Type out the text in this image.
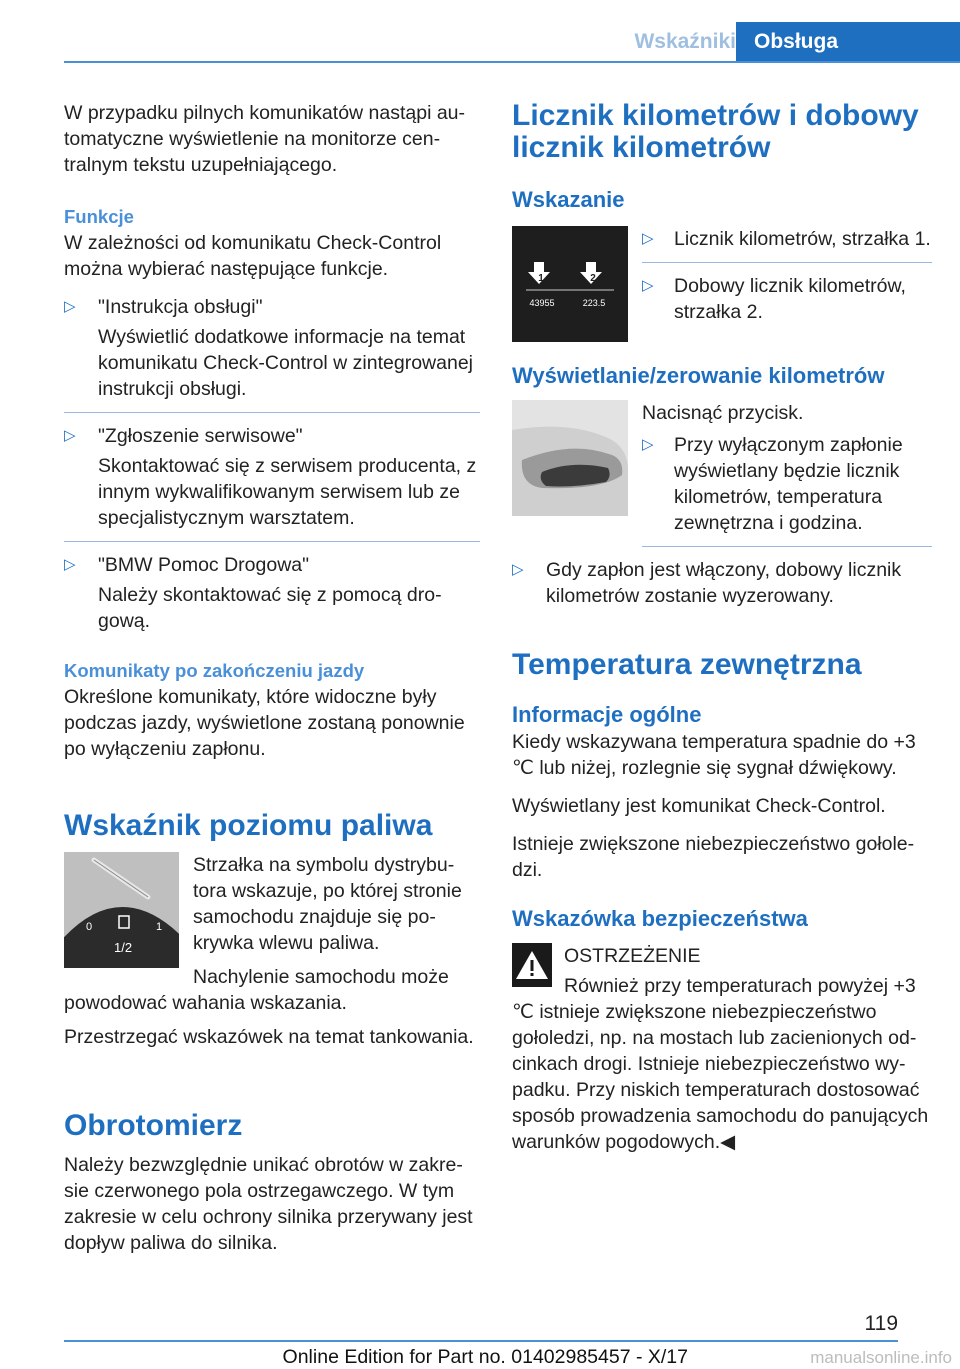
Wskaźniki Obsługa

W przypadku pilnych komunikatów nastąpi automatyczne wyświetlenie na monitorze centralnym tekstu uzupełniającego.

Funkcje

W zależności od komunikatu Check-Control można wybierać następujące funkcje.

▷ "Instrukcja obsługi"
Wyświetlić dodatkowe informacje na temat komunikatu Check-Control w zintegrowanej instrukcji obsługi.
▷ "Zgłoszenie serwisowe"
Skontaktować się z serwisem producenta, z innym wykwalifikowanym serwisem lub ze specjalistycznym warsztatem.
▷ "BMW Pomoc Drogowa"
Należy skontaktować się z pomocą drogową.
Komunikaty po zakończeniu jazdy

Określone komunikaty, które widoczne były podczas jazdy, wyświetlone zostaną ponownie po wyłączeniu zapłonu.

Wskaźnik poziomu paliwa
0
1/2
1

Strzałka na symbolu dystrybutora wskazuje, po której stronie samochodu znajduje się pokrywka wlewu paliwa.

Nachylenie samochodu może powodować wahania wskazania.

Przestrzegać wskazówek na temat tankowania.

Obrotomierz

Należy bezwzględnie unikać obrotów w zakresie czerwonego pola ostrzegawczego. W tym zakresie w celu ochrony silnika przerywany jest dopływ paliwa do silnika.

Licznik kilometrów i dobowy licznik kilometrów
Wskazanie
1	2
43955	223.5
▷ Licznik kilometrów, strzałka 1.
▷ Dobowy licznik kilometrów, strzałka 2.
Wyświetlanie/zerowanie kilometrów

Nacisnąć przycisk.

▷ Przy wyłączonym zapłonie wyświetlany będzie licznik kilometrów, temperatura zewnętrzna i godzina.
▷ Gdy zapłon jest włączony, dobowy licznik kilometrów zostanie wyzerowany.
Temperatura zewnętrzna
Informacje ogólne

Kiedy wskazywana temperatura spadnie do +3 ℃ lub niżej, rozlegnie się sygnał dźwiękowy.

Wyświetlany jest komunikat Check-Control.

Istnieje zwiększone niebezpieczeństwo gołoledzi.

Wskazówka bezpieczeństwa

OSTRZEŻENIE

Również przy temperaturach powyżej +3 ℃ istnieje zwiększone niebezpieczeństwo gołoledzi, np. na mostach lub zacienionych odcinkach drogi. Istnieje niebezpieczeństwo wypadku. Przy niskich temperaturach dostosować sposób prowadzenia samochodu do panujących warunków pogodowych.◀

119
Online Edition for Part no. 01402985457 - X/17	manualsonline.info
